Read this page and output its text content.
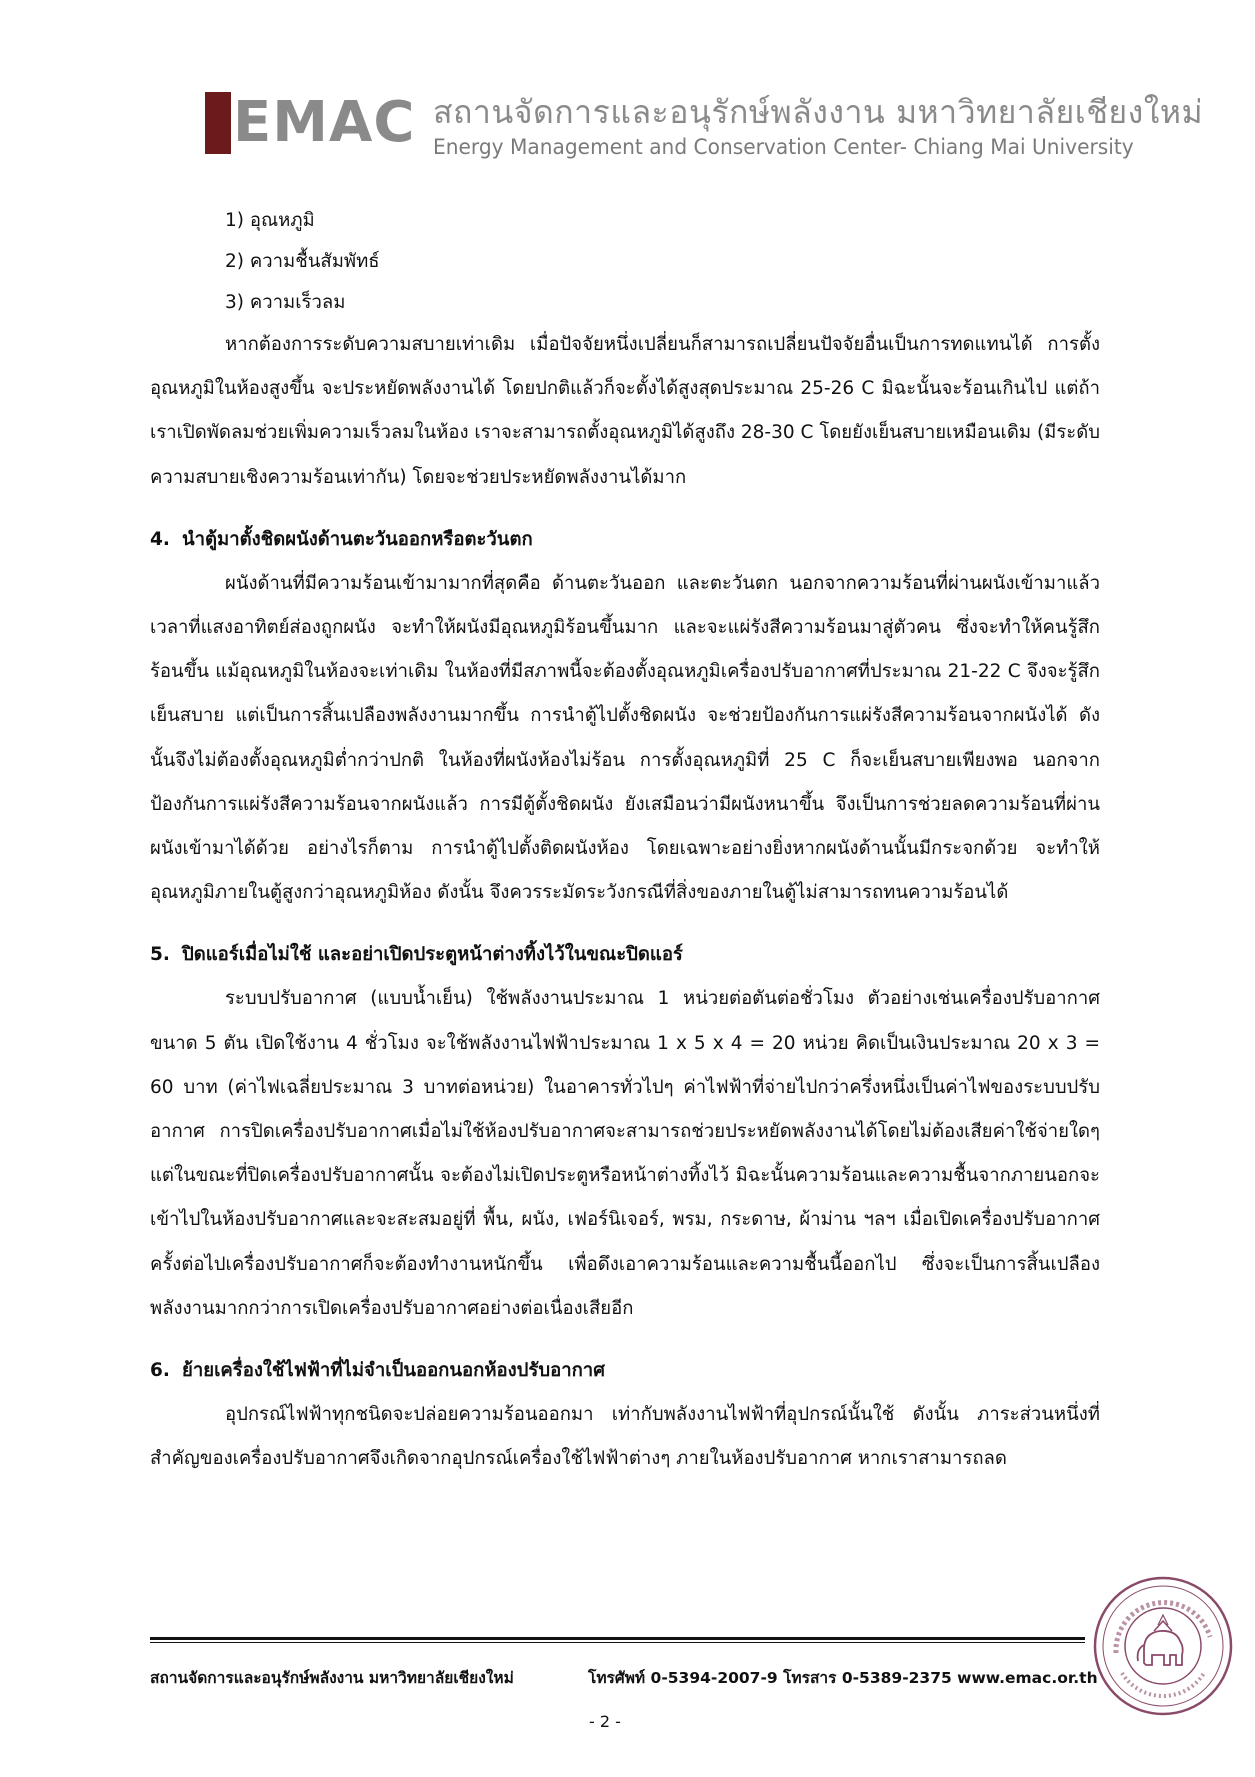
EMAC สถานจัดการและอนุรักษ์พลังงาน มหาวิทยาลัยเชียงใหม่
Energy Management and Conservation Center- Chiang Mai University
1) อุณหภูมิ
2) ความชื้นสัมพัทธ์
3) ความเร็วลม

หากต้องการระดับความสบายเท่าเดิม เมื่อปัจจัยหนึ่งเปลี่ยนก็สามารถเปลี่ยนปัจจัยอื่นเป็นการทดแทนได้ การตั้งอุณหภูมิในห้องสูงขึ้น จะประหยัดพลังงานได้ โดยปกติแล้วก็จะตั้งได้สูงสุดประมาณ 25-26 C มิฉะนั้นจะร้อนเกินไป แต่ถ้าเราเปิดพัดลมช่วยเพิ่มความเร็วลมในห้อง เราจะสามารถตั้งอุณหภูมิได้สูงถึง 28-30 C โดยยังเย็นสบายเหมือนเดิม (มีระดับความสบายเชิงความร้อนเท่ากัน) โดยจะช่วยประหยัดพลังงานได้มาก

4. นำตู้มาตั้งชิดผนังด้านตะวันออกหรือตะวันตก

ผนังด้านที่มีความร้อนเข้ามามากที่สุดคือ ด้านตะวันออก และตะวันตก นอกจากความร้อนที่ผ่านผนังเข้ามาแล้ว เวลาที่แสงอาทิตย์ส่องถูกผนัง จะทำให้ผนังมีอุณหภูมิร้อนขึ้นมาก และจะแผ่รังสีความร้อนมาสู่ตัวคน ซึ่งจะทำให้คนรู้สึกร้อนขึ้น แม้อุณหภูมิในห้องจะเท่าเดิม ในห้องที่มีสภาพนี้จะต้องตั้งอุณหภูมิเครื่องปรับอากาศที่ประมาณ 21-22 C จึงจะรู้สึกเย็นสบาย แต่เป็นการสิ้นเปลืองพลังงานมากขึ้น การนำตู้ไปตั้งชิดผนัง จะช่วยป้องกันการแผ่รังสีความร้อนจากผนังได้ ดังนั้นจึงไม่ต้องตั้งอุณหภูมิต่ำกว่าปกติ ในห้องที่ผนังห้องไม่ร้อน การตั้งอุณหภูมิที่ 25 C ก็จะเย็นสบายเพียงพอ นอกจากป้องกันการแผ่รังสีความร้อนจากผนังแล้ว การมีตู้ตั้งชิดผนัง ยังเสมือนว่ามีผนังหนาขึ้น จึงเป็นการช่วยลดความร้อนที่ผ่านผนังเข้ามาได้ด้วย อย่างไรก็ตาม การนำตู้ไปตั้งติดผนังห้อง โดยเฉพาะอย่างยิ่งหากผนังด้านนั้นมีกระจกด้วย จะทำให้อุณหภูมิภายในตู้สูงกว่าอุณหภูมิห้อง ดังนั้น จึงควรระมัดระวังกรณีที่สิ่งของภายในตู้ไม่สามารถทนความร้อนได้

5. ปิดแอร์เมื่อไม่ใช้ และอย่าเปิดประตูหน้าต่างทิ้งไว้ในขณะปิดแอร์

ระบบปรับอากาศ (แบบน้ำเย็น) ใช้พลังงานประมาณ 1 หน่วยต่อตันต่อชั่วโมง ตัวอย่างเช่นเครื่องปรับอากาศขนาด 5 ตัน เปิดใช้งาน 4 ชั่วโมง จะใช้พลังงานไฟฟ้าประมาณ 1 x 5 x 4 = 20 หน่วย คิดเป็นเงินประมาณ 20 x 3 = 60 บาท (ค่าไฟเฉลี่ยประมาณ 3 บาทต่อหน่วย) ในอาคารทั่วไปๆ ค่าไฟฟ้าที่จ่ายไปกว่าครึ่งหนึ่งเป็นค่าไฟของระบบปรับอากาศ การปิดเครื่องปรับอากาศเมื่อไม่ใช้ห้องปรับอากาศจะสามารถช่วยประหยัดพลังงานได้โดยไม่ต้องเสียค่าใช้จ่ายใดๆ แต่ในขณะที่ปิดเครื่องปรับอากาศนั้น จะต้องไม่เปิดประตูหรือหน้าต่างทิ้งไว้ มิฉะนั้นความร้อนและความชื้นจากภายนอกจะเข้าไปในห้องปรับอากาศและจะสะสมอยู่ที่ พื้น, ผนัง, เฟอร์นิเจอร์, พรม, กระดาษ, ผ้าม่าน ฯลฯ เมื่อเปิดเครื่องปรับอากาศครั้งต่อไปเครื่องปรับอากาศก็จะต้องทำงานหนักขึ้น เพื่อดึงเอาความร้อนและความชื้นนี้ออกไป ซึ่งจะเป็นการสิ้นเปลืองพลังงานมากกว่าการเปิดเครื่องปรับอากาศอย่างต่อเนื่องเสียอีก

6. ย้ายเครื่องใช้ไฟฟ้าที่ไม่จำเป็นออกนอกห้องปรับอากาศ

อุปกรณ์ไฟฟ้าทุกชนิดจะปล่อยความร้อนออกมา เท่ากับพลังงานไฟฟ้าที่อุปกรณ์นั้นใช้ ดังนั้น ภาระส่วนหนึ่งที่สำคัญของเครื่องปรับอากาศจึงเกิดจากอุปกรณ์เครื่องใช้ไฟฟ้าต่างๆ ภายในห้องปรับอากาศ หากเราสามารถลด

สถานจัดการและอนุรักษ์พลังงาน มหาวิทยาลัยเชียงใหม่	โทรศัพท์ 0-5394-2007-9 โทรสาร 0-5389-2375 www.emac.or.th
- 2 -
